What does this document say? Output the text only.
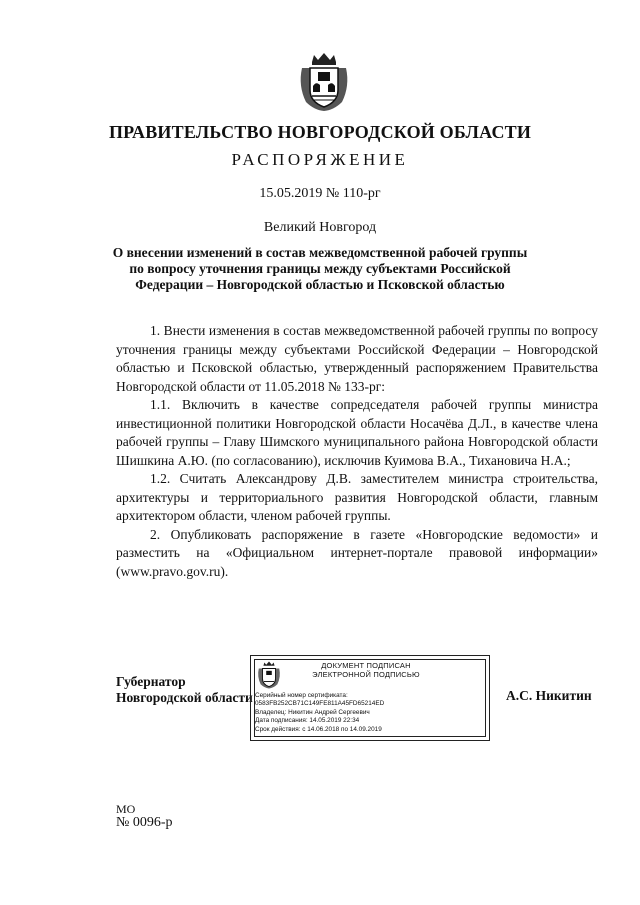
ПРАВИТЕЛЬСТВО НОВГОРОДСКОЙ ОБЛАСТИ
РАСПОРЯЖЕНИЕ
15.05.2019 № 110-рг
Великий Новгород
О внесении изменений в состав межведомственной рабочей группы по вопросу уточнения границы между субъектами Российской Федерации – Новгородской областью и Псковской областью

1. Внести изменения в состав межведомственной рабочей группы по вопросу уточнения границы между субъектами Российской Федерации – Новгородской областью и Псковской областью, утвержденный распоряжением Правительства Новгородской области от 11.05.2018 № 133-рг:

1.1. Включить в качестве сопредседателя рабочей группы министра инвестиционной политики Новгородской области Носачёва Д.Л., в качестве члена рабочей группы – Главу Шимского муниципального района Новгородской области Шишкина А.Ю. (по согласованию), исключив Куимова В.А., Тихановича Н.А.;

1.2. Считать Александрову Д.В. заместителем министра строительства, архитектуры и территориального развития Новгородской области, главным архитектором области, членом рабочей группы.

2. Опубликовать распоряжение в газете «Новгородские ведомости» и разместить на «Официальном интернет-портале правовой информации» (www.pravo.gov.ru).

Губернатор
Новгородской области
ДОКУМЕНТ ПОДПИСАН
ЭЛЕКТРОННОЙ ПОДПИСЬЮ
Серийный номер сертификата:
0583FB252CB71C149FE811A45FD65214ED
Владелец: Никитин Андрей Сергеевич
Дата подписания: 14.05.2019 22:34
Срок действия: с 14.06.2018 по 14.09.2019
А.С. Никитин
МО
№ 0096-р
